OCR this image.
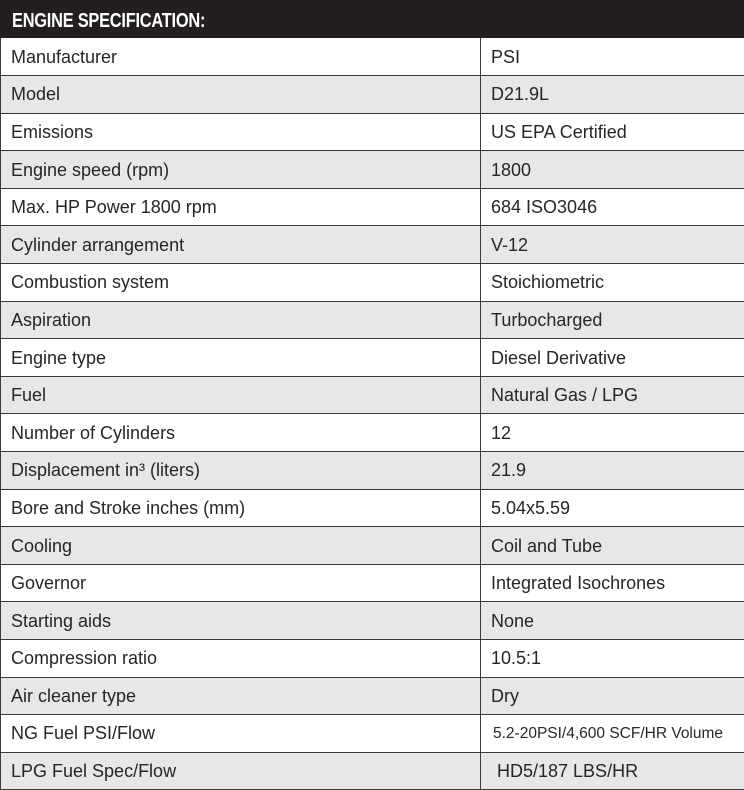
ENGINE SPECIFICATION:
Manufacturer	PSI
Model	D21.9L
Emissions	US EPA Certified
Engine speed (rpm)	1800
Max. HP Power 1800 rpm	684 ISO3046
Cylinder arrangement	V-12
Combustion system	Stoichiometric
Aspiration	Turbocharged
Engine type	Diesel Derivative
Fuel	Natural Gas / LPG
Number of Cylinders	12
Displacement in³ (liters)	21.9
Bore and Stroke inches (mm)	5.04x5.59
Cooling	Coil and Tube
Governor	Integrated Isochrones
Starting aids	None
Compression ratio	10.5:1
Air cleaner type	Dry
NG Fuel PSI/Flow	5.2-20PSI/4,600 SCF/HR Volume
LPG Fuel Spec/Flow	HD5/187 LBS/HR
